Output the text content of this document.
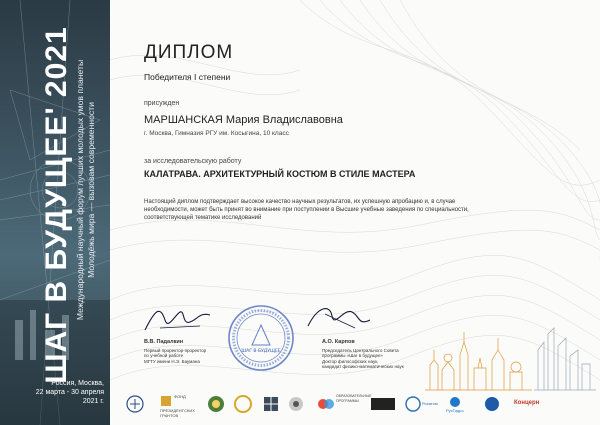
ШАГ В БУДУЩЕЕ' 2021 Международный научный форум лучших молодых умов планеты Молодёжь мира — вызовам современности
Россия, Москва,
22 марта - 30 апреля
2021 г.
ДИПЛОМ
Победителя I степени
присужден
МАРШАНСКАЯ Мария Владиславовна
г. Москва, Гимназия РГУ им. Косыгина, 10 класс
за исследовательскую работу
КАЛАТРАВА. АРХИТЕКТУРНЫЙ КОСТЮМ В СТИЛЕ МАСТЕРА
Настоящий диплом подтверждает высокое качество научных результатов, их успешную апробацию и, в случае
необходимости, может быть принят во внимание при поступлении в Высшие учебные заведения по специальности,
соответствующей тематике исследований
В.В. Падалкин
Первый проректор-проректор
по учебной работе
МГТУ имени Н.Э. Баумана
А.О. Карпов
Председатель Центрального Совета
программы «Шаг в будущее»
Доктор философских наук,
кандидат физико-математических наук
ШАГ В БУДУЩЕЕ
ФОНД ПРЕЗИДЕНТСКИХ ГРАНТОВ
ОБРАЗОВАТЕЛЬНЫЕ ПРОГРАММЫ
Росатом
РусГидро
Концерн
